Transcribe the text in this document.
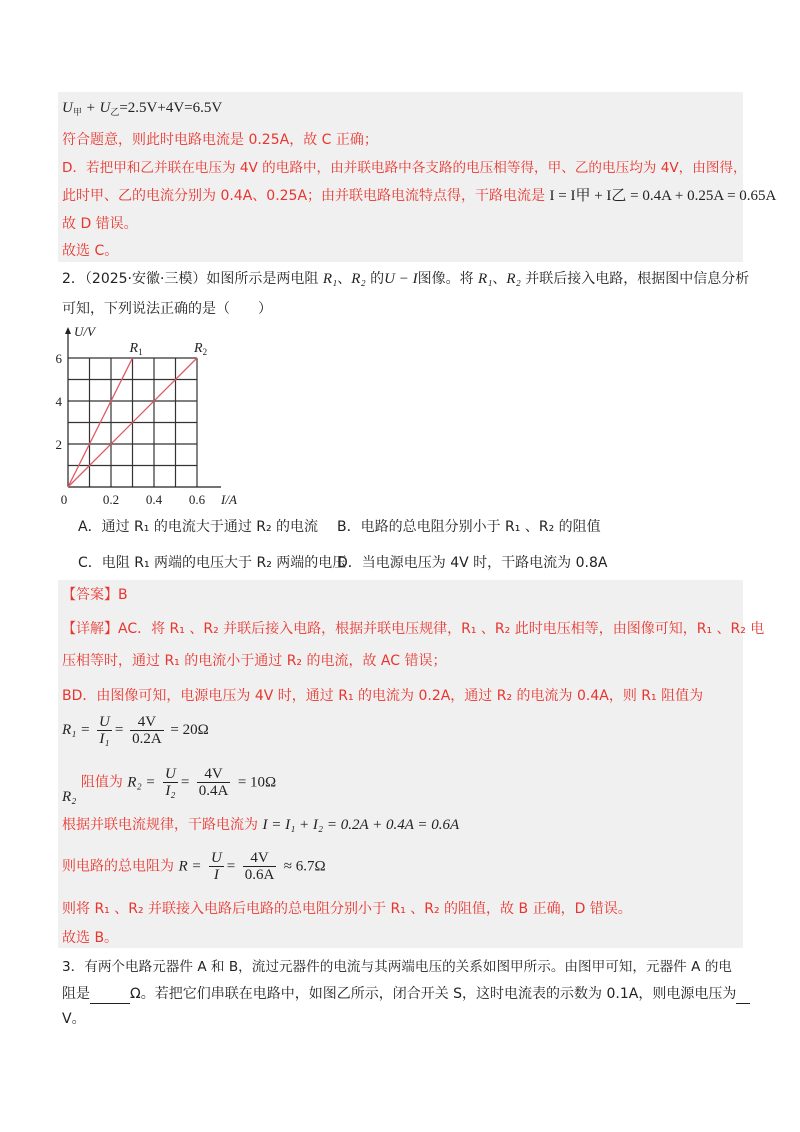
$U_甲 + U_乙=2.5V+4V=6.5V$
符合题意，则此时电路电流是 0.25A，故 C 正确；
D．若把甲和乙并联在电压为 4V 的电路中，由并联电路中各支路的电压相等得，甲、乙的电压均为 4V，由图得，
此时甲、乙的电流分别为 0.4A、0.25A；由并联电路电流特点得，干路电流是 I = I甲 + I乙 = 0.4A + 0.25A = 0.65A
故 D 错误。
故选 C。
2．（2025·安徽·三模）如图所示是两电阻 R₁、R₂ 的U − I图像。将 R₁、R₂ 并联后接入电路，根据图中信息分析
可知，下列说法正确的是（　　）
$R_1$	$R_2$
0	0.2 0.4 0.6
2
4
6
I/A
U/V
A．通过 R₁ 的电流大于通过 R₂ 的电流 B．电路的总电阻分别小于 R₁ 、R₂ 的阻值
C．电阻 R₁ 两端的电压大于 R₂ 两端的电压
D．当电源电压为 4V 时，干路电流为 0.8A
【答案】B
【详解】AC．将 R₁ 、R₂ 并联后接入电路，根据并联电压规律，R₁ 、R₂ 此时电压相等，由图像可知，R₁ 、R₂ 电
压相等时，通过 R₁ 的电流小于通过 R₂ 的电流，故 AC 错误；
BD．由图像可知，电源电压为 4V 时，通过 R₁ 的电流为 0.2A，通过 R₂ 的电流为 0.4A，则 R₁ 阻值为
$R_1 = \frac{U}{\text{I₁}} = \frac{4V}{0.2A} = 20\Omega$
R₂ 阻值为 $R_2 = \frac{U}{\text{I₂}} = \frac{4V}{0.4A} = 10\Omega$
根据并联电流规律，干路电流为 I = I₁ + I₂ = 0.2A + 0.4A = 0.6A
则电路的总电阻为 $R = \frac{U}{I} = \frac{4V}{0.6A} \approx 6.7\Omega$
则将 R₁ 、R₂ 并联接入电路后电路的总电阻分别小于 R₁ 、R₂ 的阻值，故 B 正确，D 错误。
故选 B。
3．有两个电路元器件 A 和 B，流过元器件的电流与其两端电压的关系如图甲所示。由图甲可知，元器件 A 的电
阻是	Ω。若把它们串联在电路中，如图乙所示，闭合开关 S，这时电流表的示数为 0.1A，则电源电压为
V。
